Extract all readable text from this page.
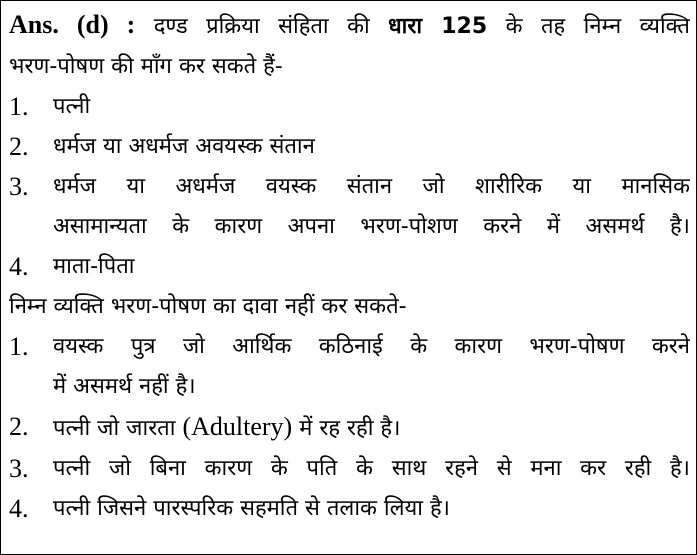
Ans. (d) : दण्ड प्रक्रिया संहिता की धारा 125 के तह निम्न व्यक्ति
भरण-पोषण की माँग कर सकते हैं-
1.	पत्नी
2.	धर्मज या अधर्मज अवयस्क संतान
3.	धर्मज या अधर्मज वयस्क संतान जो शारीरिक या मानसिक
असामान्यता के कारण अपना भरण-पोशण करने में असमर्थ है।
4.	माता-पिता
निम्न व्यक्ति भरण-पोषण का दावा नहीं कर सकते-
1.	वयस्क पुत्र जो आर्थिक कठिनाई के कारण भरण-पोषण करने
में असमर्थ नहीं है।
2.	पत्नी जो जारता (Adultery) में रह रही है।
3.	पत्नी जो बिना कारण के पति के साथ रहने से मना कर रही है।
4.	पत्नी जिसने पारस्परिक सहमति से तलाक लिया है।
